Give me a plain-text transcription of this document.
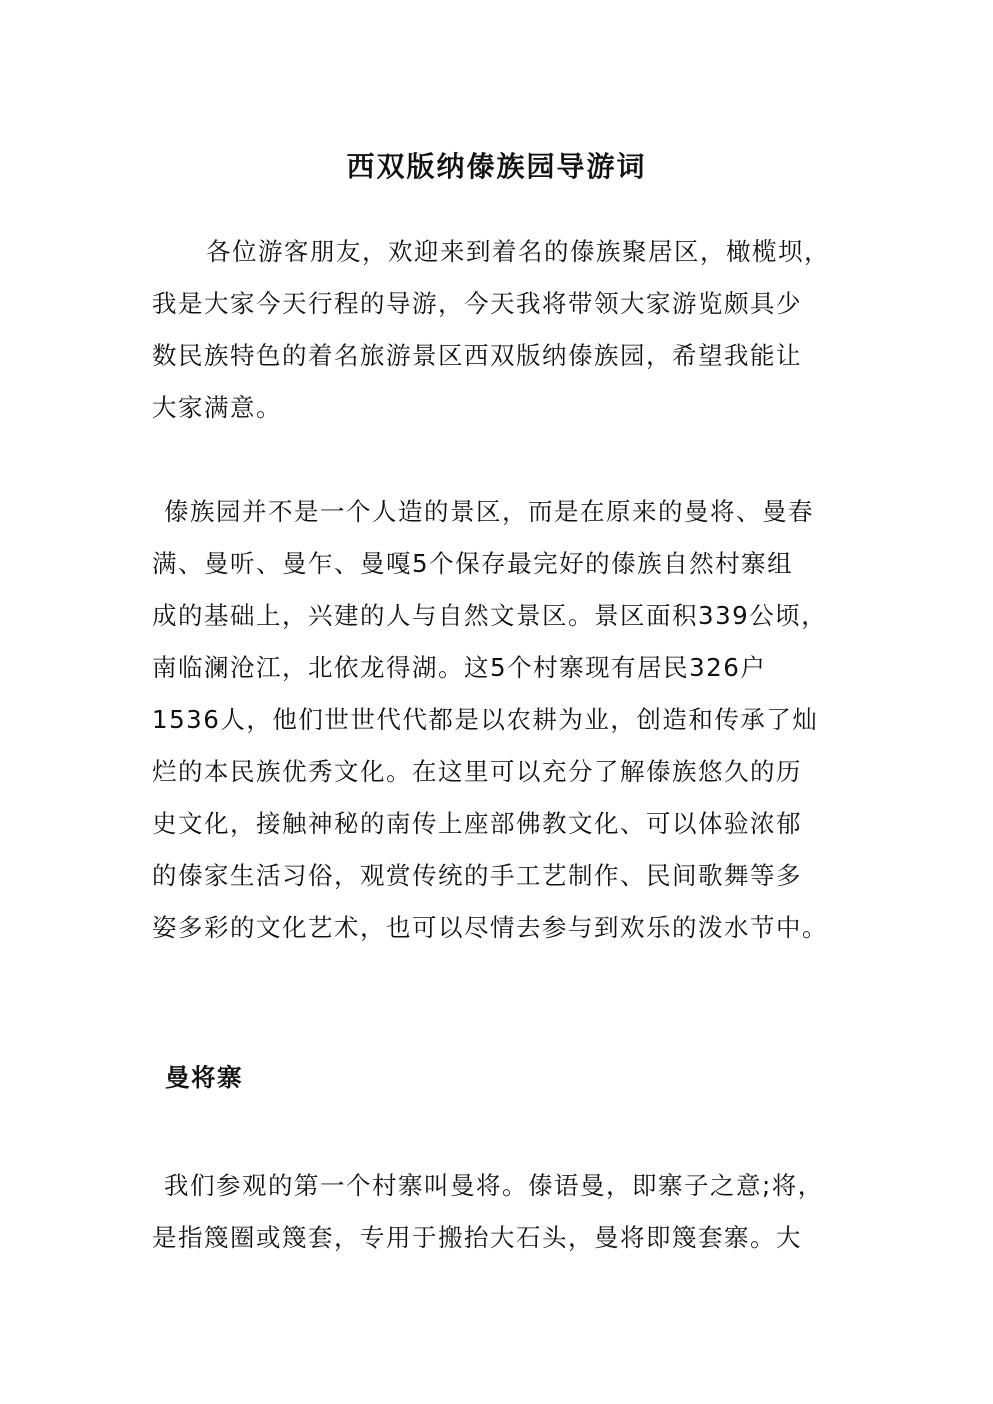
西双版纳傣族园导游词
各位游客朋友，欢迎来到着名的傣族聚居区，橄榄坝，
我是大家今天行程的导游，今天我将带领大家游览颇具少
数民族特色的着名旅游景区西双版纳傣族园，希望我能让
大家满意。
傣族园并不是一个人造的景区，而是在原来的曼将、曼春
满、曼听、曼乍、曼嘎5个保存最完好的傣族自然村寨组
成的基础上，兴建的人与自然文景区。景区面积339公顷，
南临澜沧江，北依龙得湖。这5个村寨现有居民326户
1536人，他们世世代代都是以农耕为业，创造和传承了灿
烂的本民族优秀文化。在这里可以充分了解傣族悠久的历
史文化，接触神秘的南传上座部佛教文化、可以体验浓郁
的傣家生活习俗，观赏传统的手工艺制作、民间歌舞等多
姿多彩的文化艺术，也可以尽情去参与到欢乐的泼水节中。
曼将寨
我们参观的第一个村寨叫曼将。傣语曼，即寨子之意;将，
是指篾圈或篾套，专用于搬抬大石头，曼将即篾套寨。大
